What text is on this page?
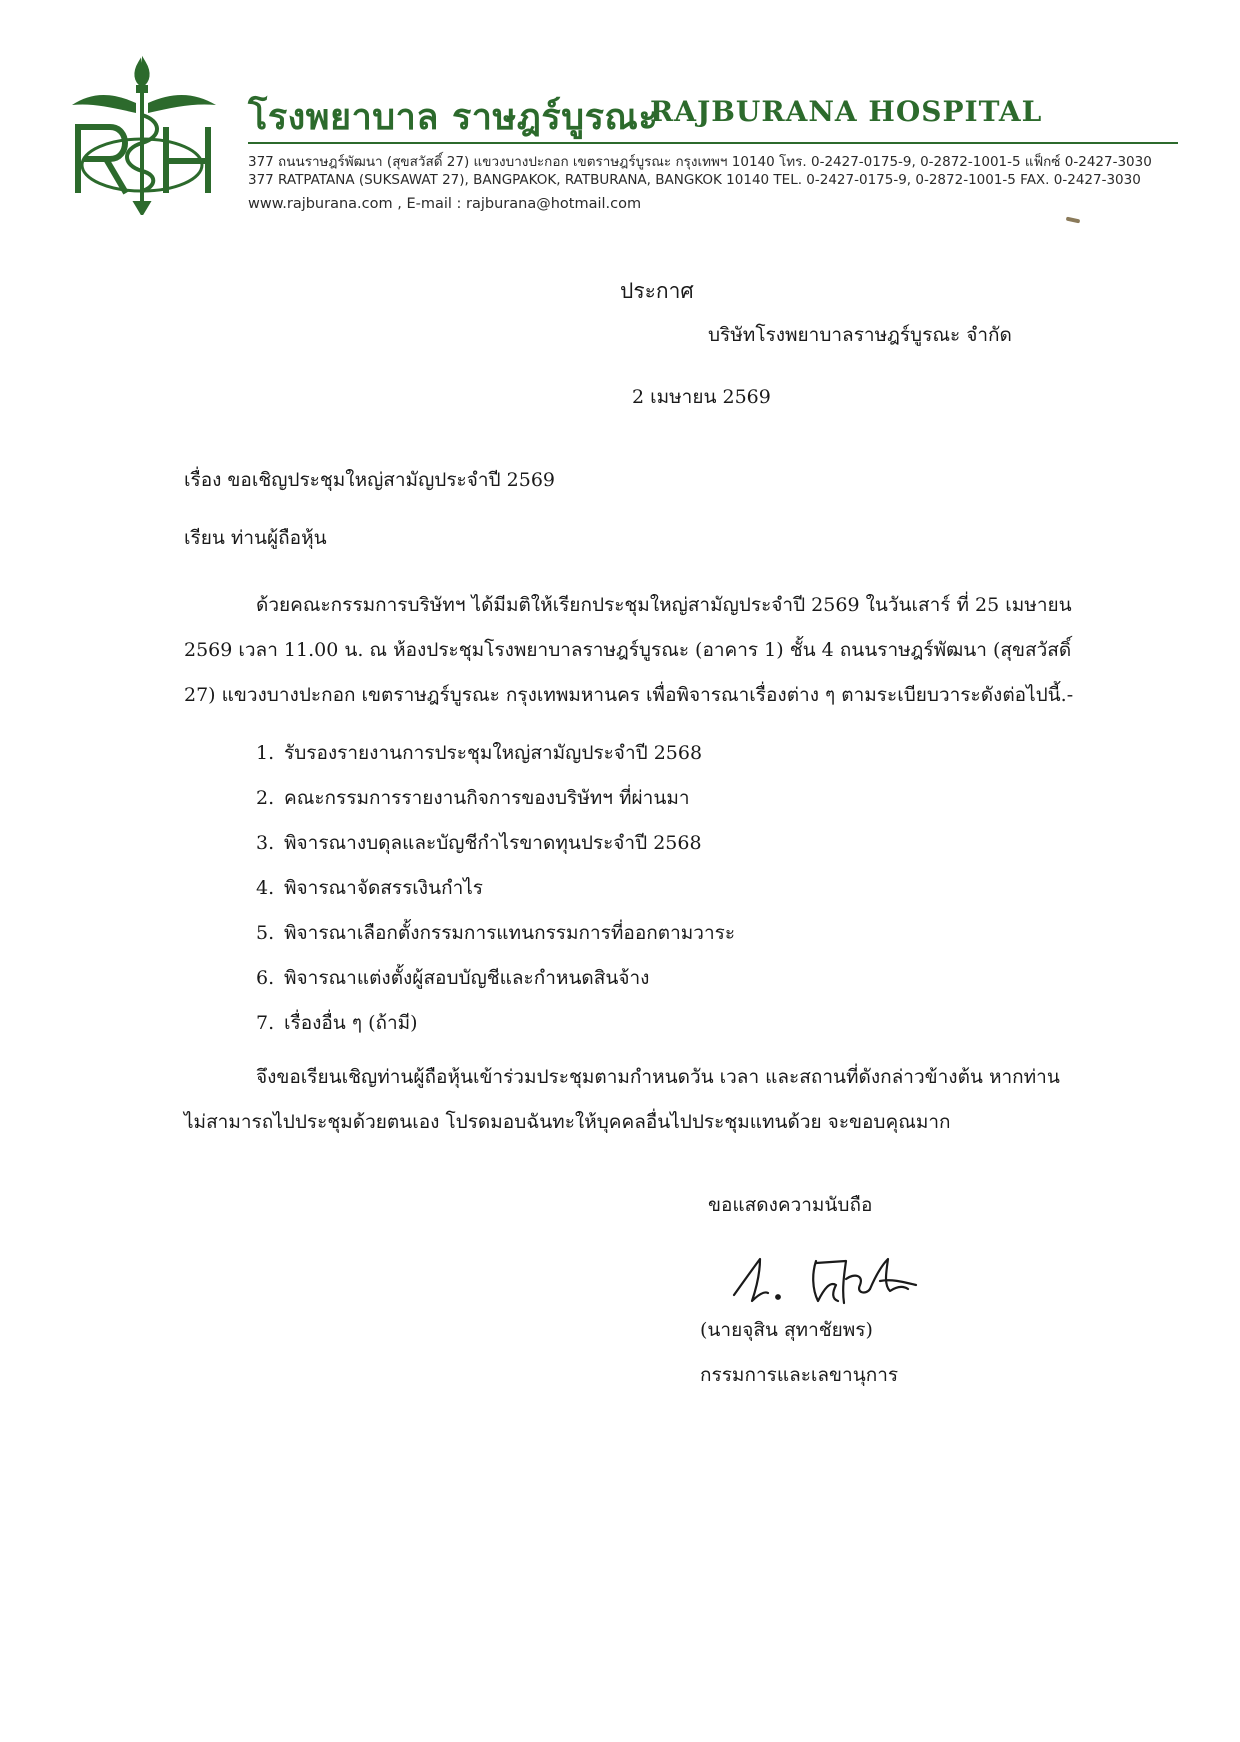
โรงพยาบาล ราษฎร์บูรณะ
RAJBURANA HOSPITAL
377 ถนนราษฎร์พัฒนา (สุขสวัสดิ์ 27) แขวงบางปะกอก เขตราษฎร์บูรณะ กรุงเทพฯ 10140 โทร. 0-2427-0175-9, 0-2872-1001-5 แฟ็กซ์ 0-2427-3030
377 RATPATANA (SUKSAWAT 27), BANGPAKOK, RATBURANA, BANGKOK 10140 TEL. 0-2427-0175-9, 0-2872-1001-5 FAX. 0-2427-3030
www.rajburana.com , E-mail : rajburana@hotmail.com
ประกาศ
บริษัทโรงพยาบาลราษฎร์บูรณะ จำกัด
2 เมษายน 2569
เรื่อง ขอเชิญประชุมใหญ่สามัญประจำปี 2569
เรียน ท่านผู้ถือหุ้น
ด้วยคณะกรรมการบริษัทฯ ได้มีมติให้เรียกประชุมใหญ่สามัญประจำปี 2569 ในวันเสาร์ ที่ 25 เมษายน
2569 เวลา 11.00 น. ณ ห้องประชุมโรงพยาบาลราษฎร์บูรณะ (อาคาร 1) ชั้น 4 ถนนราษฎร์พัฒนา (สุขสวัสดิ์
27) แขวงบางปะกอก เขตราษฎร์บูรณะ กรุงเทพมหานคร เพื่อพิจารณาเรื่องต่าง ๆ ตามระเบียบวาระดังต่อไปนี้.-
1. รับรองรายงานการประชุมใหญ่สามัญประจำปี 2568
2. คณะกรรมการรายงานกิจการของบริษัทฯ ที่ผ่านมา
3. พิจารณางบดุลและบัญชีกำไรขาดทุนประจำปี 2568
4. พิจารณาจัดสรรเงินกำไร
5. พิจารณาเลือกตั้งกรรมการแทนกรรมการที่ออกตามวาระ
6. พิจารณาแต่งตั้งผู้สอบบัญชีและกำหนดสินจ้าง
7. เรื่องอื่น ๆ (ถ้ามี)
จึงขอเรียนเชิญท่านผู้ถือหุ้นเข้าร่วมประชุมตามกำหนดวัน เวลา และสถานที่ดังกล่าวข้างต้น หากท่าน
ไม่สามารถไปประชุมด้วยตนเอง โปรดมอบฉันทะให้บุคคลอื่นไปประชุมแทนด้วย จะขอบคุณมาก
ขอแสดงความนับถือ
(นายจุสิน สุทาชัยพร)
กรรมการและเลขานุการ
